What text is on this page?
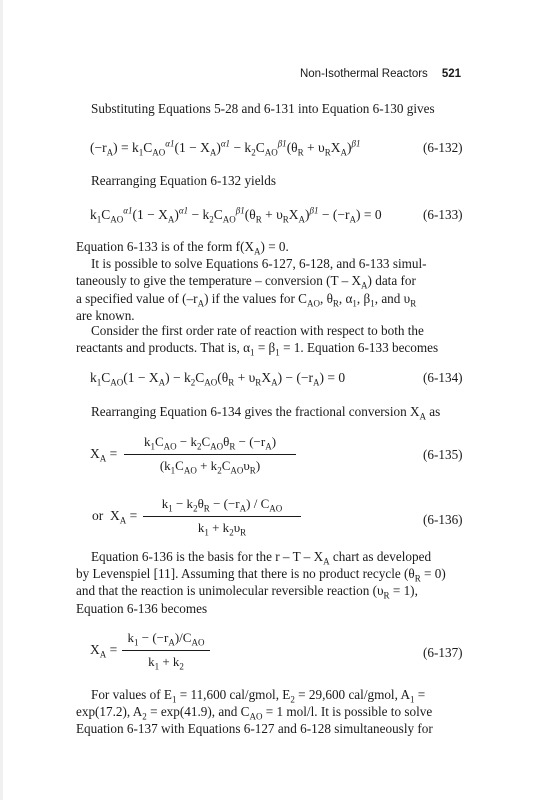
Non-Isothermal Reactors 521
Substituting Equations 5-28 and 6-131 into Equation 6-130 gives
$(-r_A) = k_1C_{AO}^{\alpha 1}(1 - X_A)^{\alpha 1} - k_2C_{AO}^{\beta 1}(\theta_R + \upsilon_RX_A)^{\beta 1}$	(6-132)
Rearranging Equation 6-132 yields
$k_1C_{AO}^{\alpha 1}(1 - X_A)^{\alpha 1} - k_2C_{AO}^{\beta 1}(\theta_R + \upsilon_RX_A)^{\beta 1} - (-r_A) = 0$	(6-133)
Equation 6-133 is of the form $f(X_A) = 0$.
It is possible to solve Equations 6-127, 6-128, and 6-133 simul-
taneously to give the temperature – conversion $(T - X_A)$ data for
a specified value of $(-r_A)$ if the values for $C_{AO}$, $\theta_R$, $\alpha_1$, $\beta_1$, and $\upsilon_R$
are known.
Consider the first order rate of reaction with respect to both the
reactants and products. That is, $\alpha_1 = \beta_1 = 1$. Equation 6-133 becomes
$k_1C_{AO}(1 - X_A) - k_2C_{AO}(\theta_R + \upsilon_RX_A) - (-r_A) = 0$	(6-134)
Rearranging Equation 6-134 gives the fractional conversion $X_A$ as
$X_A$ =
$k_1C_{AO} - k_2C_{AO}\theta_R - (-r_A)$
$(k_1C_{AO} + k_2C_{AO}\upsilon_R)$
(6-135)
or  $X_A$ =
$k_1 - k_2\theta_R - (-r_A) / C_{AO}$
$k_1 + k_2\upsilon_R$
(6-136)
Equation 6-136 is the basis for the r – T – $X_A$ chart as developed
by Levenspiel [11]. Assuming that there is no product recycle $(\theta_R = 0)$
and that the reaction is unimolecular reversible reaction $(\upsilon_R = 1)$,
Equation 6-136 becomes
$X_A$ =
$k_1 - (-r_A)/C_{AO}$
$k_1 + k_2$
(6-137)
For values of $E_1 = 11,600$ cal/gmol, $E_2 = 29,600$ cal/gmol, $A_1$ =
exp(17.2), $A_2 = \exp(41.9)$, and $C_{AO} = 1$ mol/l. It is possible to solve
Equation 6-137 with Equations 6-127 and 6-128 simultaneously for
